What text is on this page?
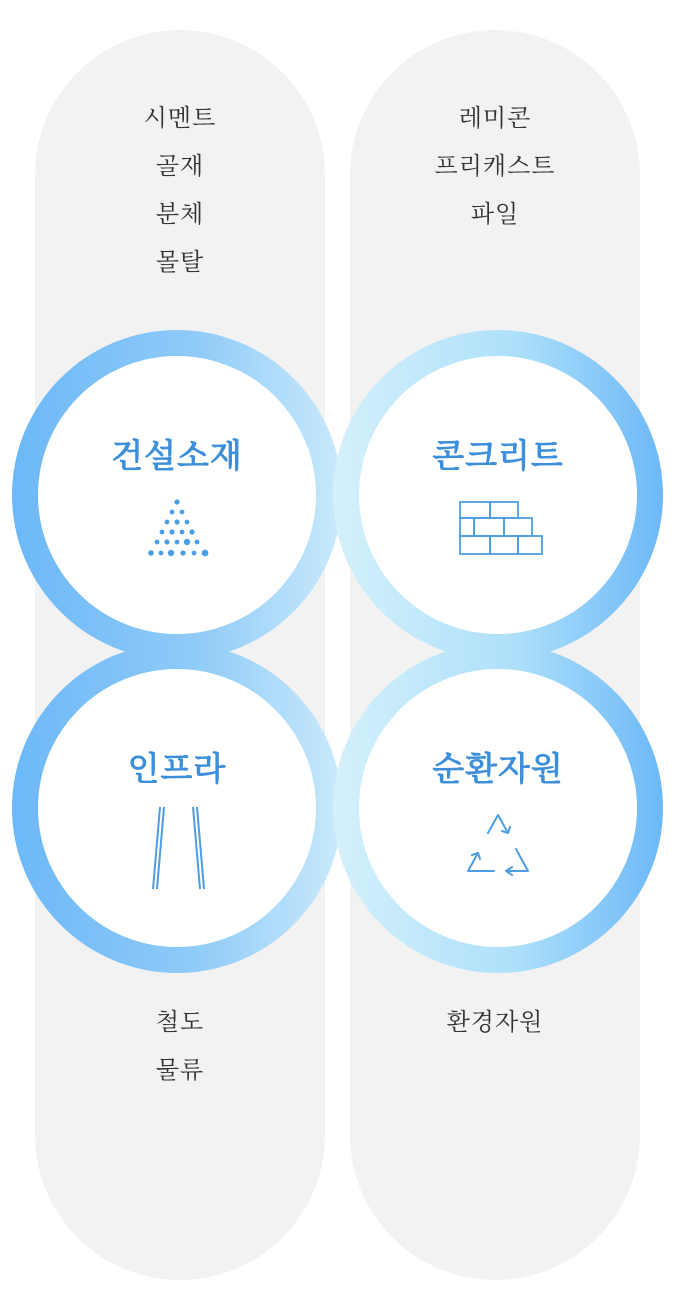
시멘트
골재
분체
몰탈
레미콘
프리캐스트
파일
철도
물류
환경자원
건설소재	콘크리트
인프라	순환자원
